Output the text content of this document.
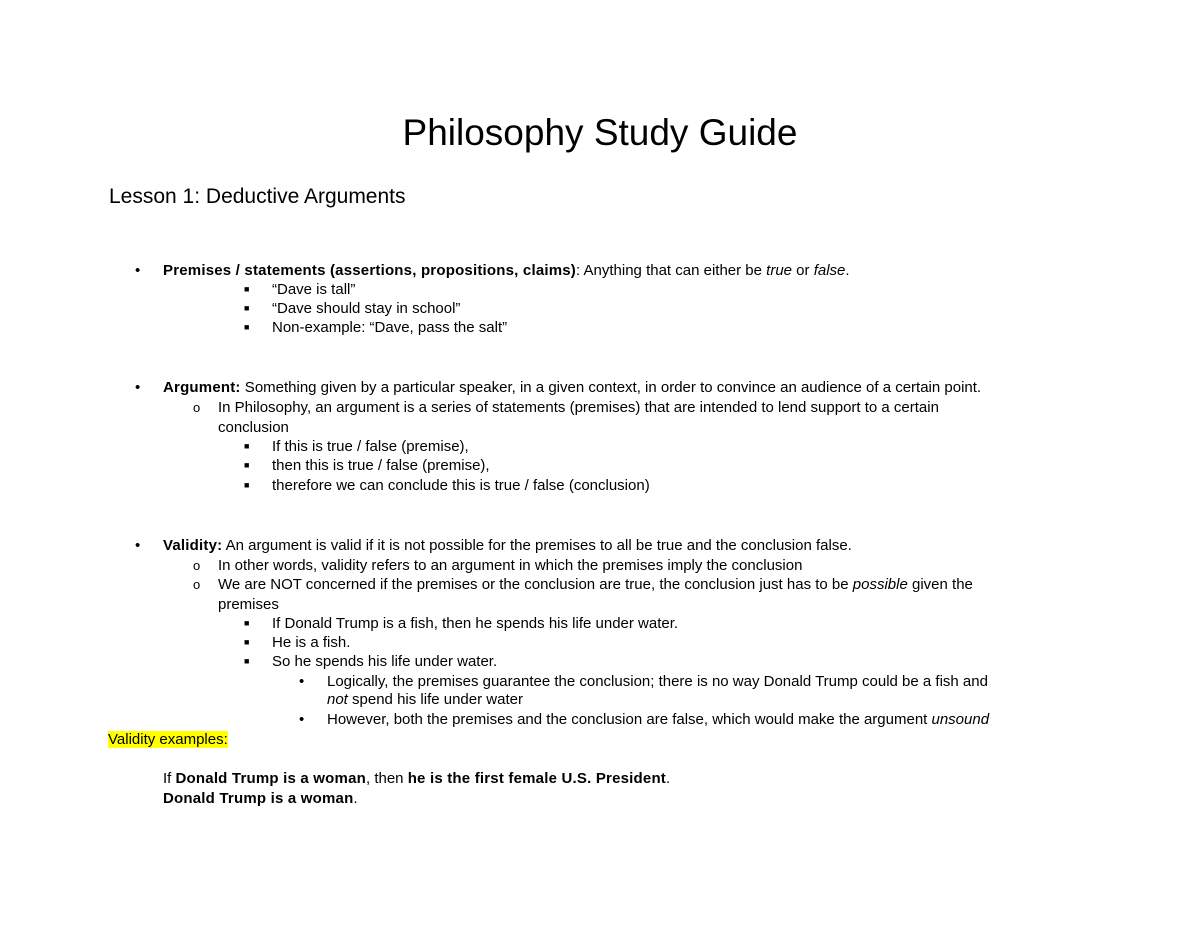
Philosophy Study Guide
Lesson 1: Deductive Arguments
• Premises / statements (assertions, propositions, claims): Anything that can either be true or false.
■ “Dave is tall”
■ “Dave should stay in school”
■ Non-example: “Dave, pass the salt”
• Argument: Something given by a particular speaker, in a given context, in order to convince an audience of a certain point.
o In Philosophy, an argument is a series of statements (premises) that are intended to lend support to a certain
conclusion
■ If this is true / false (premise),
■ then this is true / false (premise),
■ therefore we can conclude this is true / false (conclusion)
• Validity: An argument is valid if it is not possible for the premises to all be true and the conclusion false.
o In other words, validity refers to an argument in which the premises imply the conclusion
o We are NOT concerned if the premises or the conclusion are true, the conclusion just has to be possible given the
premises
■ If Donald Trump is a fish, then he spends his life under water.
■ He is a fish.
■ So he spends his life under water.
• Logically, the premises guarantee the conclusion; there is no way Donald Trump could be a fish and
not spend his life under water
• However, both the premises and the conclusion are false, which would make the argument unsound
Validity examples:
If Donald Trump is a woman, then he is the first female U.S. President.
Donald Trump is a woman.
